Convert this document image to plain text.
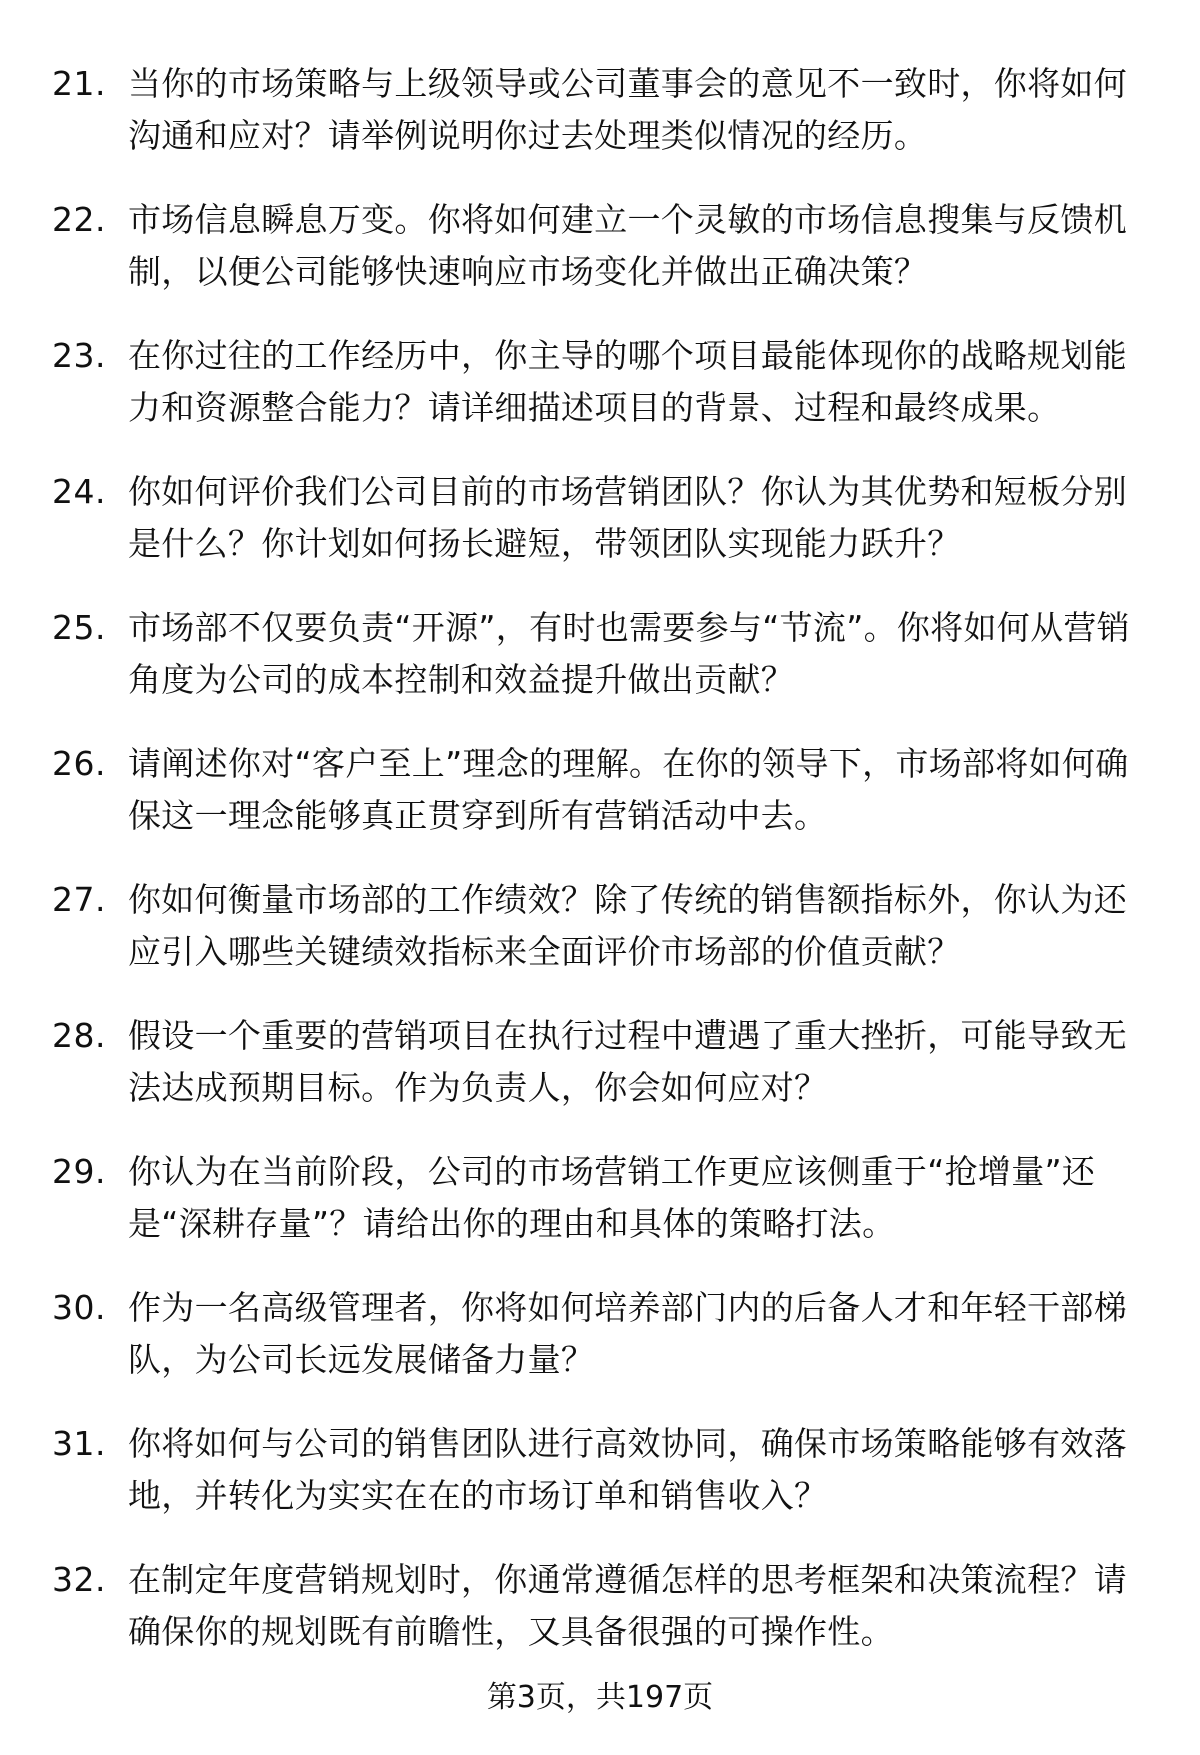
21. 当你的市场策略与上级领导或公司董事会的意见不一致时，你将如何沟通和应对？请举例说明你过去处理类似情况的经历。
22. 市场信息瞬息万变。你将如何建立一个灵敏的市场信息搜集与反馈机制，以便公司能够快速响应市场变化并做出正确决策？
23. 在你过往的工作经历中，你主导的哪个项目最能体现你的战略规划能力和资源整合能力？请详细描述项目的背景、过程和最终成果。
24. 你如何评价我们公司目前的市场营销团队？你认为其优势和短板分别是什么？你计划如何扬长避短，带领团队实现能力跃升？
25. 市场部不仅要负责“开源”，有时也需要参与“节流”。你将如何从营销角度为公司的成本控制和效益提升做出贡献？
26. 请阐述你对“客户至上”理念的理解。在你的领导下，市场部将如何确保这一理念能够真正贯穿到所有营销活动中去。
27. 你如何衡量市场部的工作绩效？除了传统的销售额指标外，你认为还应引入哪些关键绩效指标来全面评价市场部的价值贡献？
28. 假设一个重要的营销项目在执行过程中遭遇了重大挫折，可能导致无法达成预期目标。作为负责人，你会如何应对？
29. 你认为在当前阶段，公司的市场营销工作更应该侧重于“抢增量”还是“深耕存量”？请给出你的理由和具体的策略打法。
30. 作为一名高级管理者，你将如何培养部门内的后备人才和年轻干部梯队，为公司长远发展储备力量？
31. 你将如何与公司的销售团队进行高效协同，确保市场策略能够有效落地，并转化为实实在在的市场订单和销售收入？
32. 在制定年度营销规划时，你通常遵循怎样的思考框架和决策流程？请确保你的规划既有前瞻性，又具备很强的可操作性。
第3页，共197页
